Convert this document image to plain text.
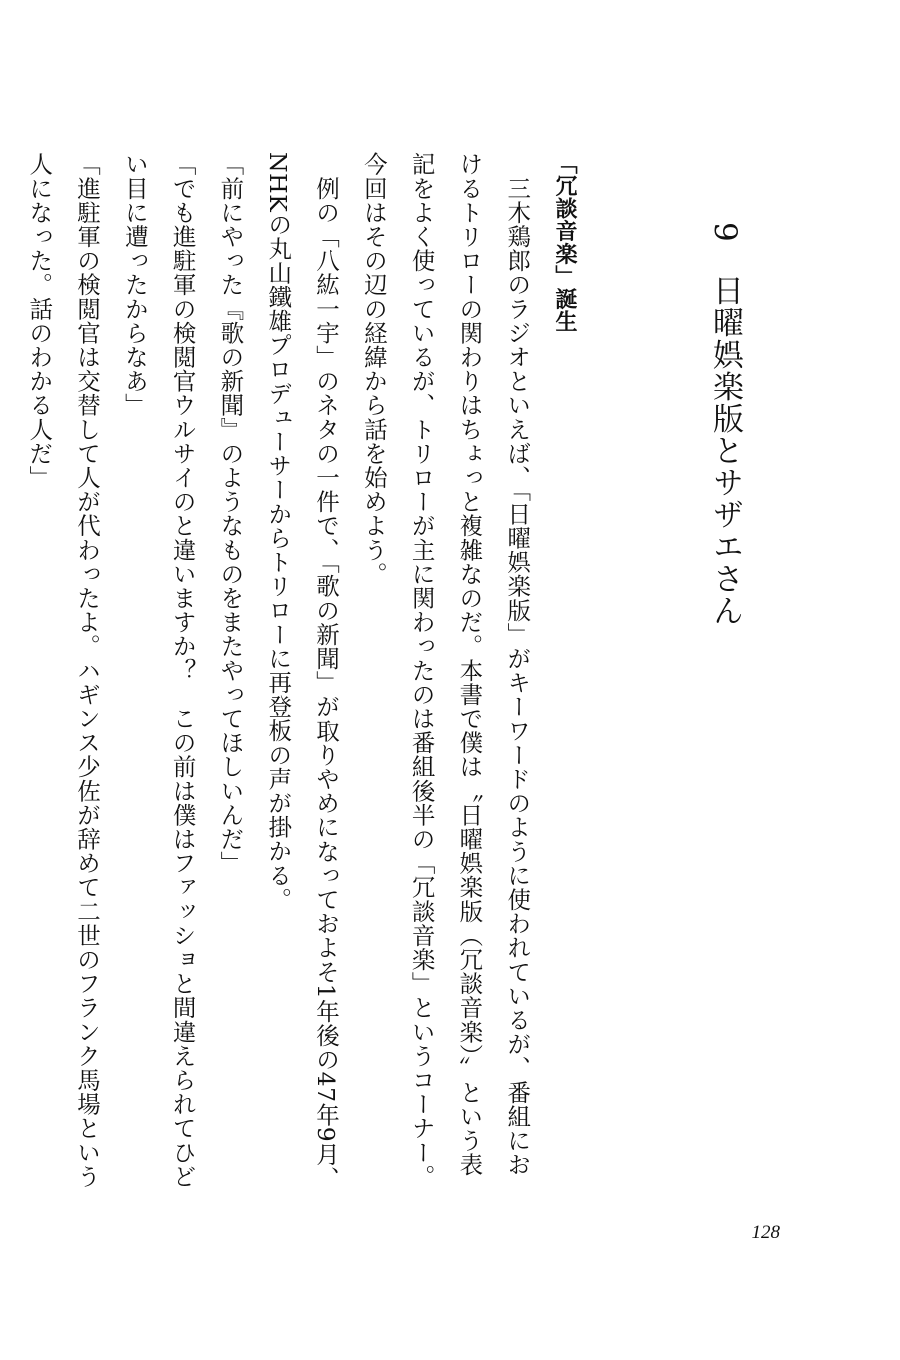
9　日曜娯楽版とサザエさん

「冗談音楽」誕生

　三木鶏郎のラジオといえば、「日曜娯楽版」がキーワードのように使われているが、番組にお

けるトリローの関わりはちょっと複雑なのだ。本書で僕は〝日曜娯楽版（冗談音楽）〟という表

記をよく使っているが、トリローが主に関わったのは番組後半の「冗談音楽」というコーナー。

今回はその辺の経緯から話を始めよう。

　例の「八紘一宇」のネタの一件で、「歌の新聞」が取りやめになっておよそ1年後の47年9月、

NHKの丸山鐵雄プロデューサーからトリローに再登板の声が掛かる。

「前にやった『歌の新聞』のようなものをまたやってほしいんだ」

「でも進駐軍の検閲官ウルサイのと違いますか？　この前は僕はファッショと間違えられてひど

い目に遭ったからなあ」

「進駐軍の検閲官は交替して人が代わったよ。ハギンス少佐が辞めて二世のフランク馬場という

人になった。話のわかる人だ」

128
